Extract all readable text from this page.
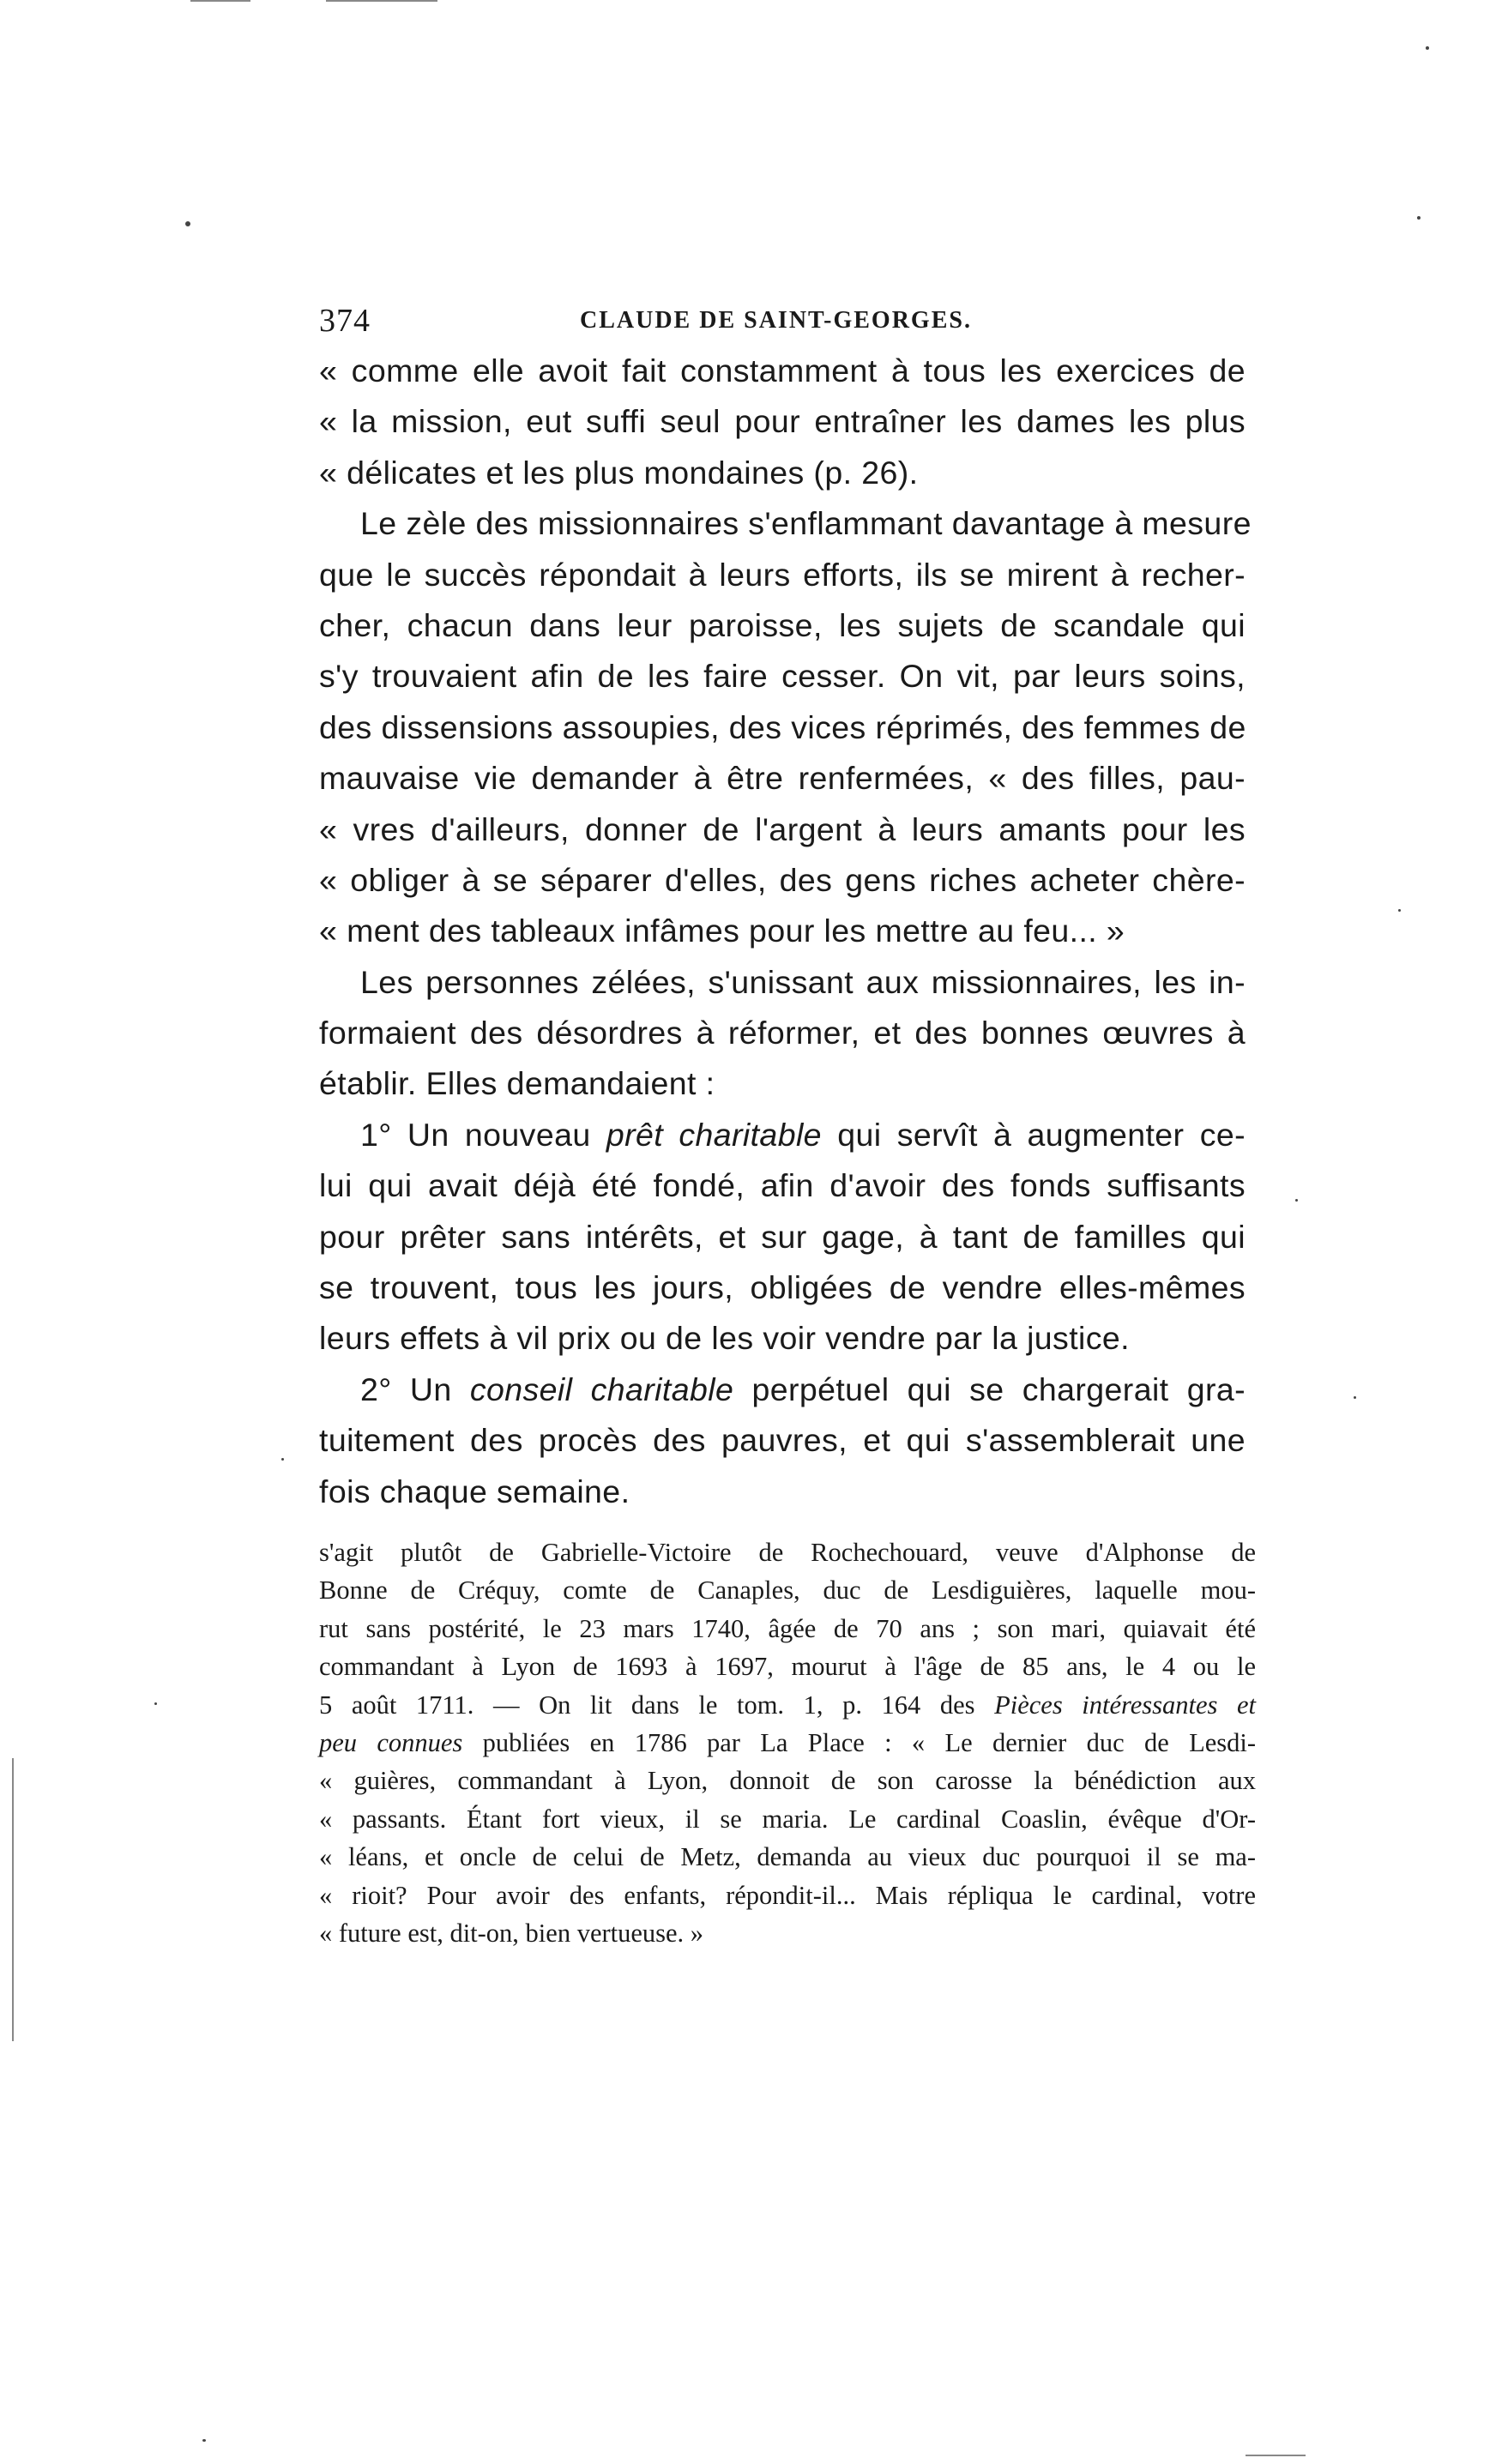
374	CLAUDE DE SAINT-GEORGES.
« comme elle avoit fait constamment à tous les exercices de
« la mission, eut suffi seul pour entraîner les dames les plus
« délicates et les plus mondaines (p. 26).
Le zèle des missionnaires s'enflammant davantage à mesure
que le succès répondait à leurs efforts, ils se mirent à recher-
cher, chacun dans leur paroisse, les sujets de scandale qui
s'y trouvaient afin de les faire cesser. On vit, par leurs soins,
des dissensions assoupies, des vices réprimés, des femmes de
mauvaise vie demander à être renfermées, « des filles, pau-
« vres d'ailleurs, donner de l'argent à leurs amants pour les
« obliger à se séparer d'elles, des gens riches acheter chère-
« ment des tableaux infâmes pour les mettre au feu... »
Les personnes zélées, s'unissant aux missionnaires, les in-
formaient des désordres à réformer, et des bonnes œuvres à
établir. Elles demandaient :
1° Un nouveau prêt charitable qui servît à augmenter ce-
lui qui avait déjà été fondé, afin d'avoir des fonds suffisants
pour prêter sans intérêts, et sur gage, à tant de familles qui
se trouvent, tous les jours, obligées de vendre elles-mêmes
leurs effets à vil prix ou de les voir vendre par la justice.
2° Un conseil charitable perpétuel qui se chargerait gra-
tuitement des procès des pauvres, et qui s'assemblerait une
fois chaque semaine.
s'agit plutôt de Gabrielle-Victoire de Rochechouard, veuve d'Alphonse de
Bonne de Créquy, comte de Canaples, duc de Lesdiguières, laquelle mou-
rut sans postérité, le 23 mars 1740, âgée de 70 ans ; son mari, quiavait été
commandant à Lyon de 1693 à 1697, mourut à l'âge de 85 ans, le 4 ou le
5 août 1711. — On lit dans le tom. 1, p. 164 des Pièces intéressantes et
peu connues publiées en 1786 par La Place : « Le dernier duc de Lesdi-
« guières, commandant à Lyon, donnoit de son carosse la bénédiction aux
« passants. Étant fort vieux, il se maria. Le cardinal Coaslin, évêque d'Or-
« léans, et oncle de celui de Metz, demanda au vieux duc pourquoi il se ma-
« rioit? Pour avoir des enfants, répondit-il... Mais répliqua le cardinal, votre
« future est, dit-on, bien vertueuse. »
